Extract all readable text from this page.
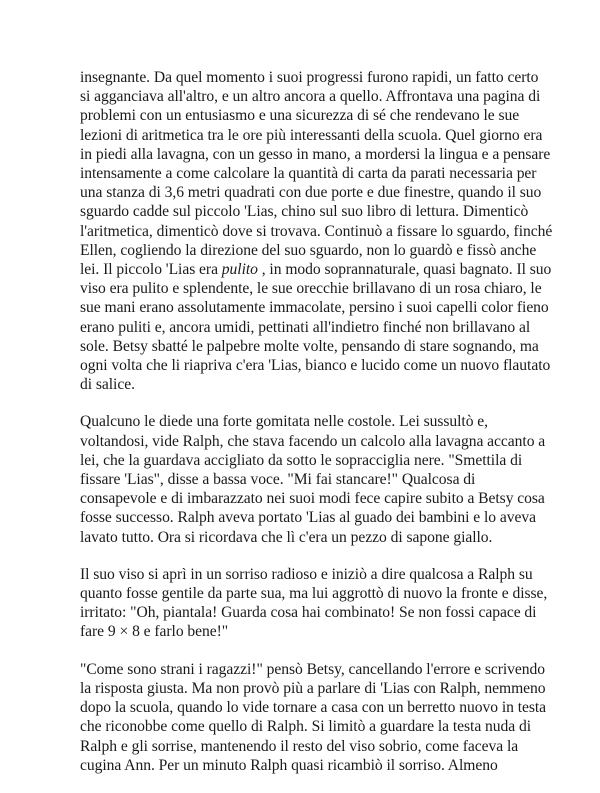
insegnante. Da quel momento i suoi progressi furono rapidi, un fatto certo
si agganciava all'altro, e un altro ancora a quello. Affrontava una pagina di
problemi con un entusiasmo e una sicurezza di sé che rendevano le sue
lezioni di aritmetica tra le ore più interessanti della scuola. Quel giorno era
in piedi alla lavagna, con un gesso in mano, a mordersi la lingua e a pensare
intensamente a come calcolare la quantità di carta da parati necessaria per
una stanza di 3,6 metri quadrati con due porte e due finestre, quando il suo
sguardo cadde sul piccolo 'Lias, chino sul suo libro di lettura. Dimenticò
l'aritmetica, dimenticò dove si trovava. Continuò a fissare lo sguardo, finché
Ellen, cogliendo la direzione del suo sguardo, non lo guardò e fissò anche
lei. Il piccolo 'Lias era pulito , in modo soprannaturale, quasi bagnato. Il suo
viso era pulito e splendente, le sue orecchie brillavano di un rosa chiaro, le
sue mani erano assolutamente immacolate, persino i suoi capelli color fieno
erano puliti e, ancora umidi, pettinati all'indietro finché non brillavano al
sole. Betsy sbatté le palpebre molte volte, pensando di stare sognando, ma
ogni volta che li riapriva c'era 'Lias, bianco e lucido come un nuovo flautato
di salice.

Qualcuno le diede una forte gomitata nelle costole. Lei sussultò e,
voltandosi, vide Ralph, che stava facendo un calcolo alla lavagna accanto a
lei, che la guardava accigliato da sotto le sopracciglia nere. "Smettila di
fissare 'Lias", disse a bassa voce. "Mi fai stancare!" Qualcosa di
consapevole e di imbarazzato nei suoi modi fece capire subito a Betsy cosa
fosse successo. Ralph aveva portato 'Lias al guado dei bambini e lo aveva
lavato tutto. Ora si ricordava che lì c'era un pezzo di sapone giallo.

Il suo viso si aprì in un sorriso radioso e iniziò a dire qualcosa a Ralph su
quanto fosse gentile da parte sua, ma lui aggrottò di nuovo la fronte e disse,
irritato: "Oh, piantala! Guarda cosa hai combinato! Se non fossi capace di
fare 9 × 8 e farlo bene!"

"Come sono strani i ragazzi!" pensò Betsy, cancellando l'errore e scrivendo
la risposta giusta. Ma non provò più a parlare di 'Lias con Ralph, nemmeno
dopo la scuola, quando lo vide tornare a casa con un berretto nuovo in testa
che riconobbe come quello di Ralph. Si limitò a guardare la testa nuda di
Ralph e gli sorrise, mantenendo il resto del viso sobrio, come faceva la
cugina Ann. Per un minuto Ralph quasi ricambiò il sorriso. Almeno
